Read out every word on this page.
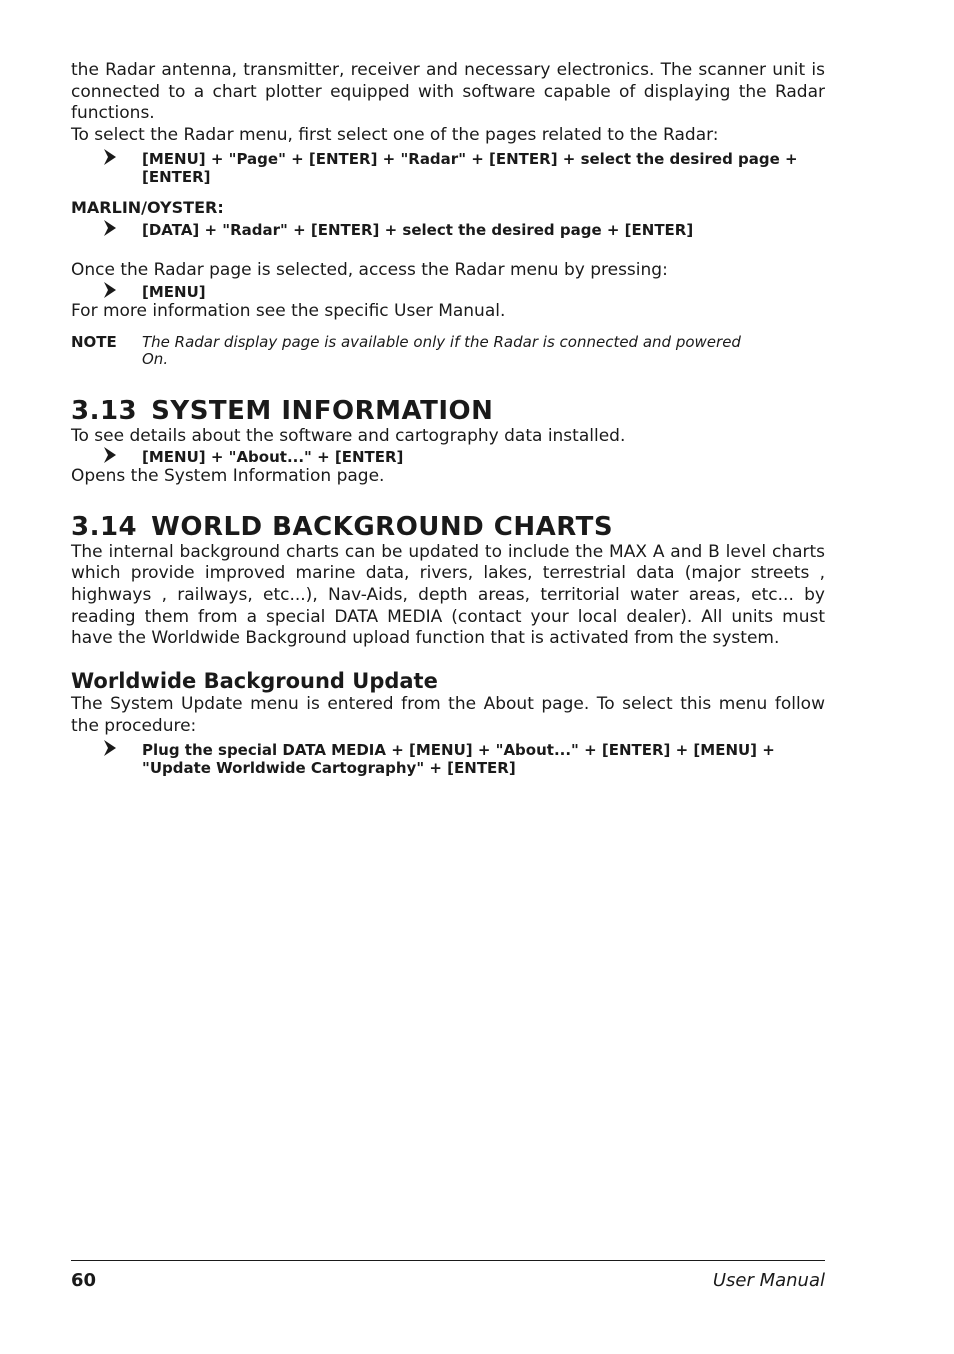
the Radar antenna, transmitter, receiver and necessary electronics. The scanner unit is connected to a chart plotter equipped with software capable of displaying the Radar functions.

To select the Radar menu, first select one of the pages related to the Radar:

[MENU] + "Page" + [ENTER] + "Radar" + [ENTER] + select the desired page + [ENTER]
MARLIN/OYSTER:
[DATA] + "Radar" + [ENTER] + select the desired page + [ENTER]

Once the Radar page is selected, access the Radar menu by pressing:

[MENU]

For more information see the specific User Manual.

NOTE The Radar display page is available only if the Radar is connected and powered On.
3.13 SYSTEM INFORMATION

To see details about the software and cartography data installed.

[MENU] + "About..." + [ENTER]

Opens the System Information page.

3.14 WORLD BACKGROUND CHARTS

The internal background charts can be updated to include the MAX A and B level charts which provide improved marine data, rivers, lakes, terrestrial data (major streets , highways , railways, etc...), Nav-Aids, depth areas, territorial water areas, etc... by reading them from a special DATA MEDIA (contact your local dealer). All units must have the Worldwide Background upload function that is activated from the system.

Worldwide Background Update

The System Update menu is entered from the About page. To select this menu follow the procedure:

Plug the special DATA MEDIA + [MENU] + "About..." + [ENTER] + [MENU] + "Update Worldwide Cartography" + [ENTER]
60	User Manual
